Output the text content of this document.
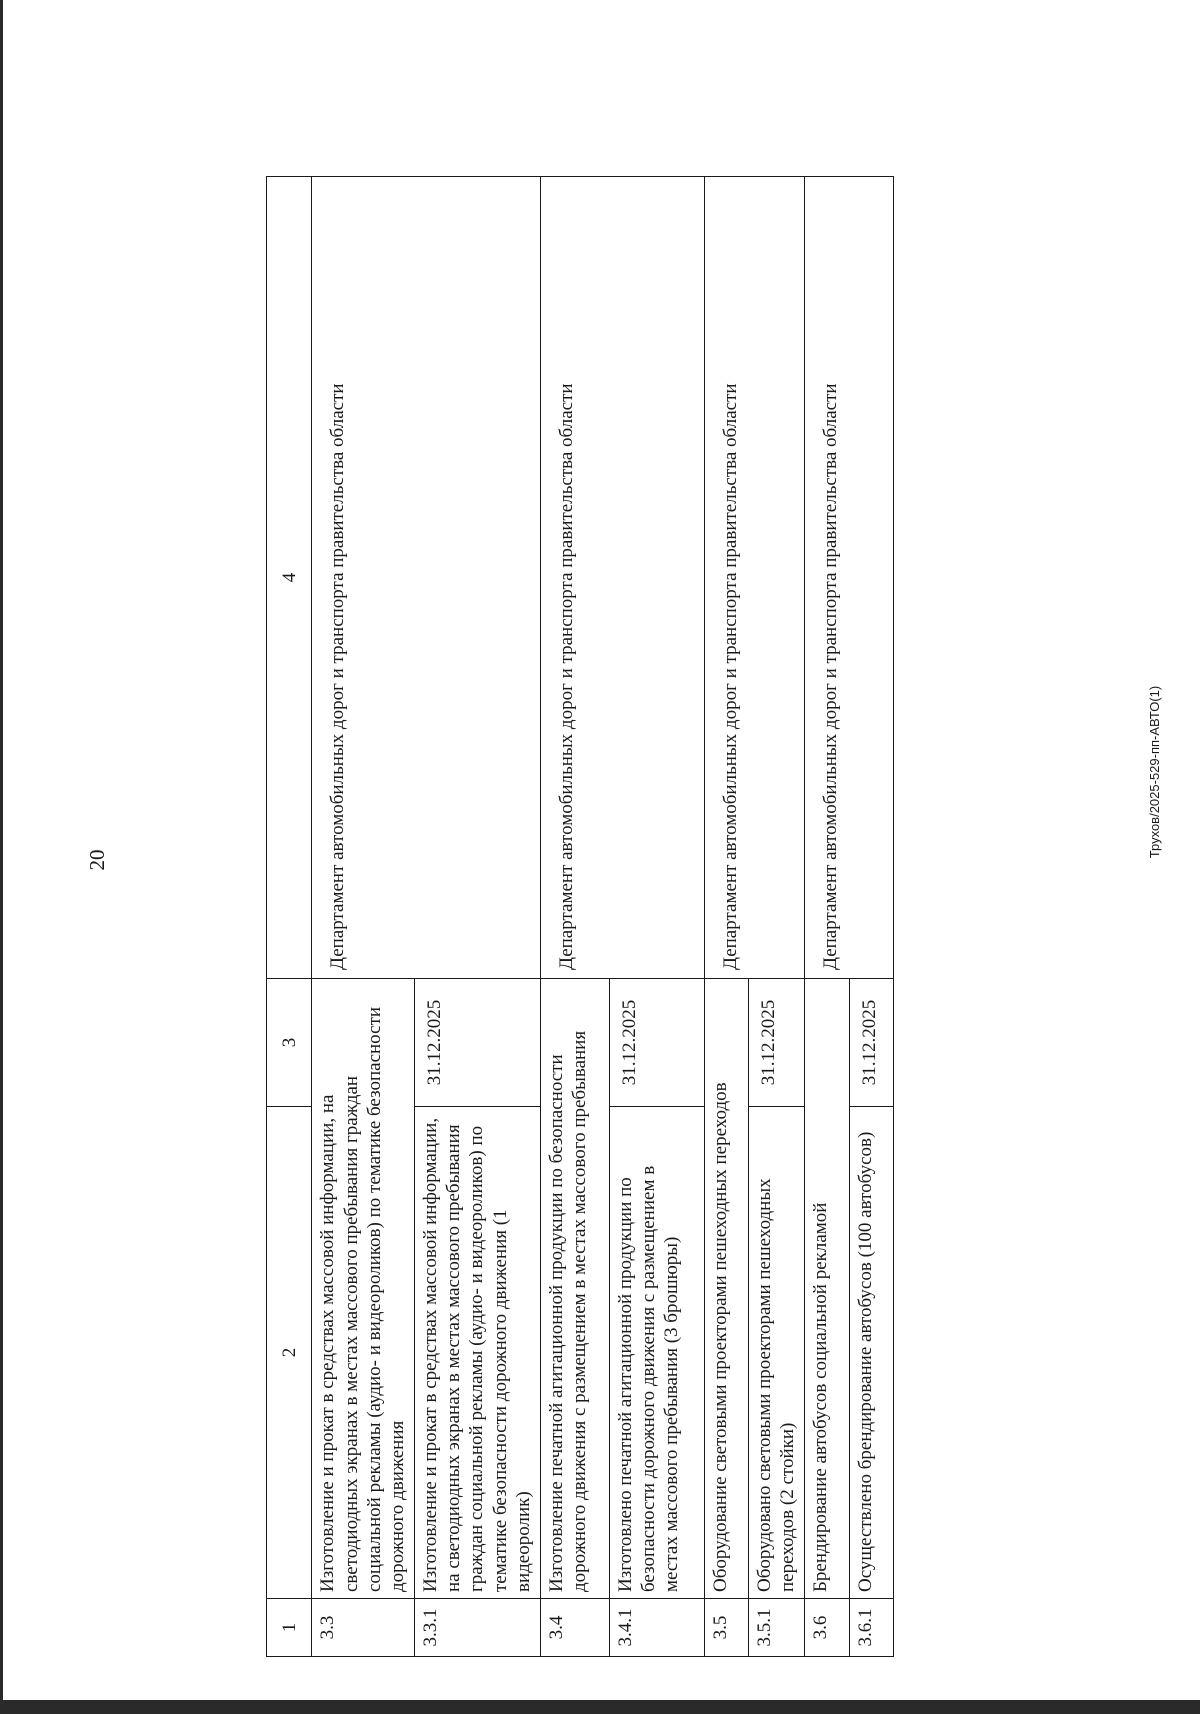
20
1	2	3	4
3.3	Изготовление и прокат в средствах массовой информации, на светодиодных экранах в местах массового пребывания граждан социальной рекламы (аудио- и видеороликов) по тематике безопасности дорожного движения		Департамент автомобильных дорог и транспорта правительства области
3.3.1	Изготовление и прокат в средствах массовой информации, на светодиодных экранах в местах массового пребывания граждан социальной рекламы (аудио- и видеороликов) по тематике безопасности дорожного движения (1 видеоролик)	31.12.2025	
3.4	Изготовление печатной агитационной продукции по безопасности дорожного движения с размещением в местах массового пребывания		Департамент автомобильных дорог и транспорта правительства области
3.4.1	Изготовлено печатной агитационной продукции по безопасности дорожного движения с размещением в местах массового пребывания (3 брошюры)	31.12.2025	
3.5	Оборудование световыми проекторами пешеходных переходов		Департамент автомобильных дорог и транспорта правительства области
3.5.1	Оборудовано световыми проекторами пешеходных переходов (2 стойки)	31.12.2025	
3.6	Брендирование автобусов социальной рекламой		Департамент автомобильных дорог и транспорта правительства области
3.6.1	Осуществлено брендирование автобусов (100 автобусов)	31.12.2025	
Трухов/2025-529-пп-АВТО(1)
